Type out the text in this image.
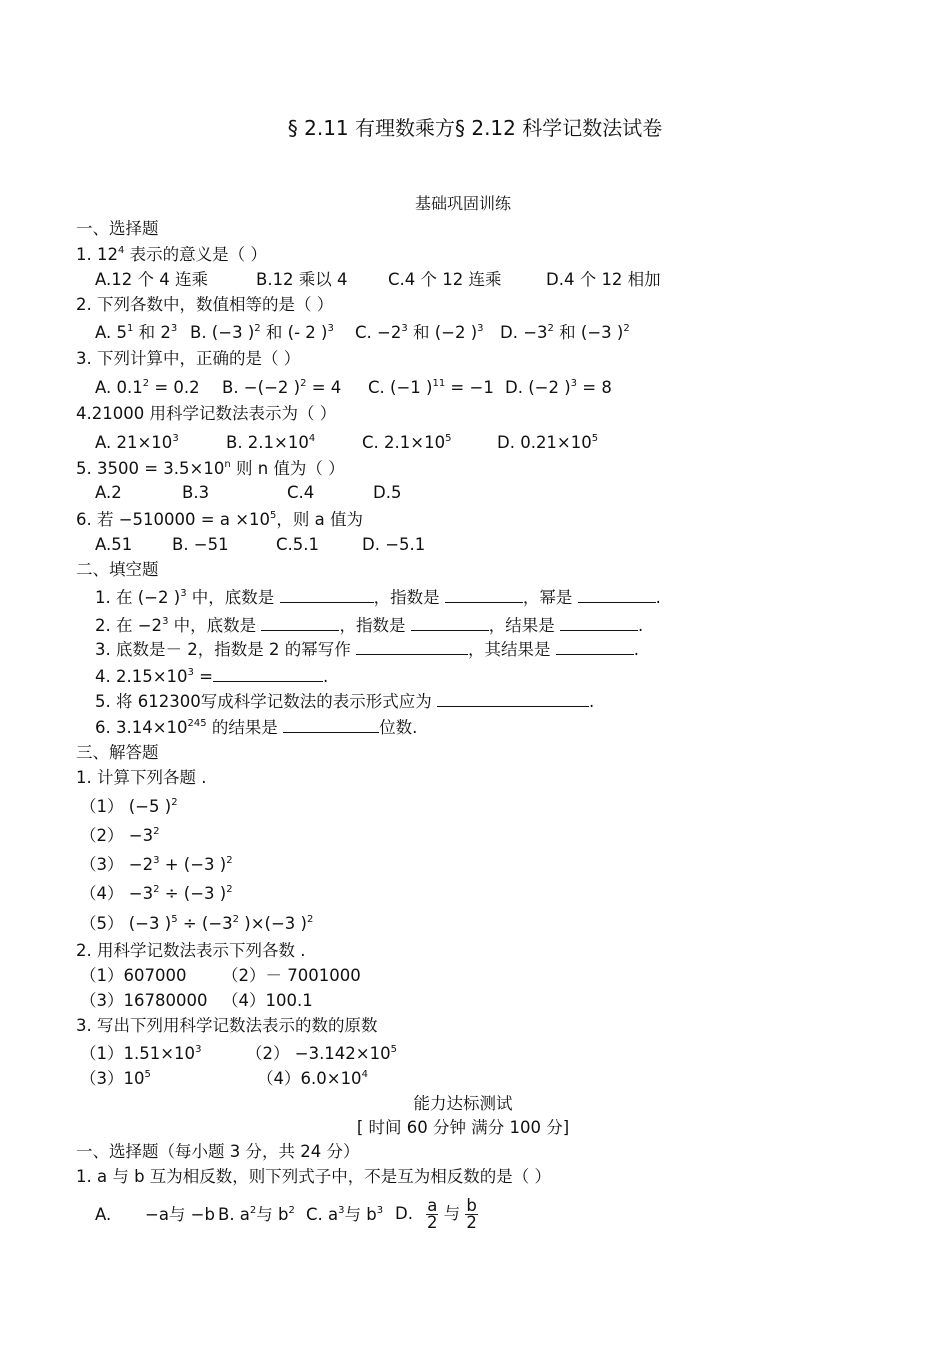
§ 2.11 有理数乘方§ 2.12 科学记数法试卷
基础巩固训练
一、选择题
1. $12^4$ 表示的意义是（ ）
A.12 个 4 连乘	B.12 乘以 4 C.4 个 12 连乘	D.4 个 12 相加
2. 下列各数中，数值相等的是（ ）
A. $5^1$ 和 $2^3$ B. (−3 )$^2$ 和 (- 2 )$^3$ C. $-2^3$ 和 (−2 )$^3$ D. $-3^2$ 和 (−3 )$^2$
3. 下列计算中，正确的是（ ）
A. $0.1^2 = 0.2$ B. −(−2 )$^2$ = 4 C. (−1 )$^{11}$ = −1 D. (−2 )$^3$ = 8
4.21000 用科学记数法表示为（ ）
A. $21\times 10^3$	B. $2.1\times 10^4$	C. $2.1\times 10^5$	D. $0.21\times 10^5$
5. $3500 = 3.5\times 10^n$ 则 n 值为（ ）
A.2	B.3	C.4	D.5
6. 若 $-510000 = a \times 10^5$，则 a 值为
A.51 B. −51	C.5.1	D. −5.1
二、填空题
1. 在 (−2 )$^3$ 中，底数是	，指数是	，幂是	.
2. 在 $-2^3$ 中，底数是	，指数是	，结果是	.
3. 底数是－ 2，指数是 2 的幂写作	，其结果是	.
4. $2.15\times 10^3$ =	.
5. 将 612300写成科学记数法的表示形式应为	.
6. $3.14\times 10^{245}$ 的结果是	位数.
三、解答题
1. 计算下列各题 .
（1） (−5 )$^2$
$(2) -3^2$
$(3) -2^3 + (-3$ )$^2$
$(4) -3^2 \div (-3$ )$^2$
（5） (−3 )$^5 \div (-3^2$ )×(−3 )$^2$
2. 用科学记数法表示下列各数 .
（1）607000 （2）－ 7001000
（3）16780000 （4）100.1
3. 写出下列用科学记数法表示的数的原数
$(1)1.51\times 10^3$	$(2) -3.142\times 10^5$
$(3)10^5$	$(4)6.0\times 10^4$
能力达标测试
[ 时间 60 分钟 满分 100 分]
一、选择题（每小题 3 分，共 24 分）
1. a 与 b 互为相反数，则下列式子中，不是互为相反数的是（ ）
A. −a与 −b B. $a^2$与 $b^2$ C. $a^3$与 $b^3$ D. $\frac{a}{2}$ 与 $\frac{b}{2}$
